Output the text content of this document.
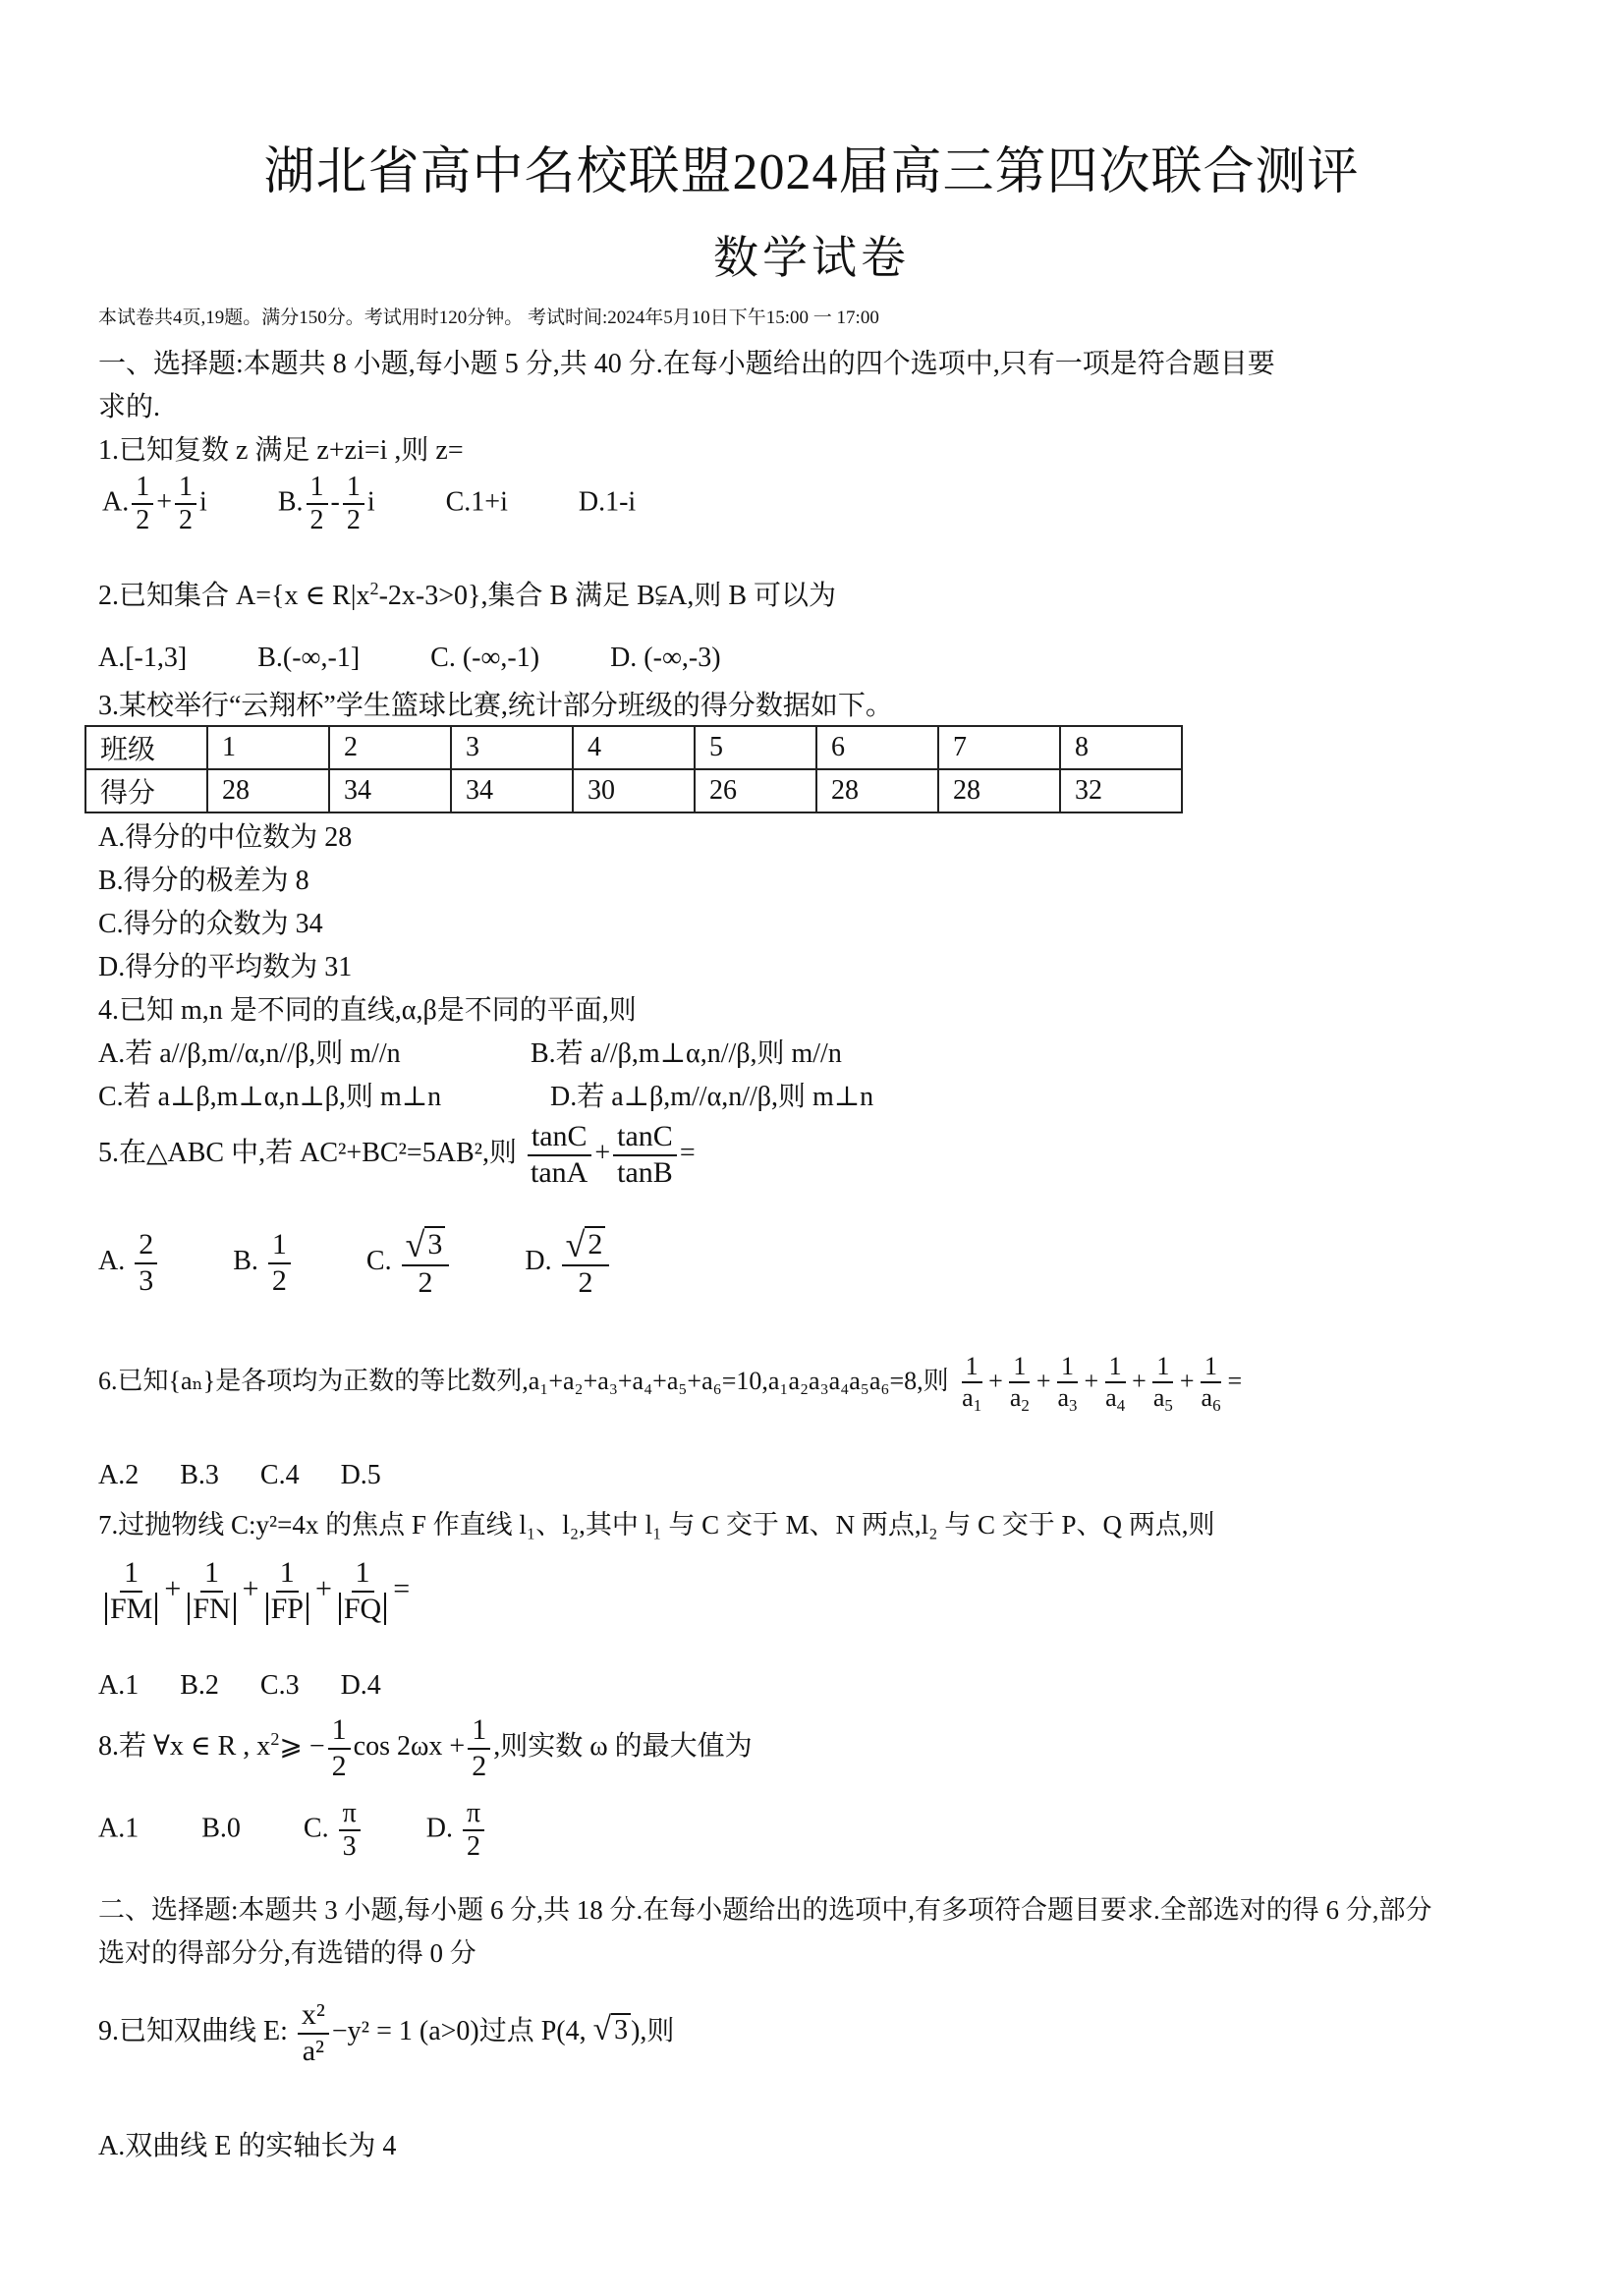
湖北省高中名校联盟2024届高三第四次联合测评
数学试卷
本试卷共4页,19题。满分150分。考试用时120分钟。 考试时间:2024年5月10日下午15:00 一 17:00
一、选择题:本题共 8 小题,每小题 5 分,共 40 分.在每小题给出的四个选项中,只有一项是符合题目要
求的.
1.已知复数 z 满足 z+zi=i ,则 z=
A. $\frac{1}{2} + \frac{1}{2}$ i	B. $\frac{1}{2} - \frac{1}{2}$ i	C.1+i	D.1-i
2.已知集合 A={x ∈ $R|x^2-2x-3>0$},集合 B 满足 B⫋A,则 B 可以为
A.[-1,3]	B.(-∞,-1]	C. (-∞,-1)	D. (-∞,-3)
3.某校举行“云翔杯”学生篮球比赛,统计部分班级的得分数据如下。
班级	1	2	3	4	5	6	7	8
得分	28	34	34	30	26	28	28	32
A.得分的中位数为 28
B.得分的极差为 8
C.得分的众数为 34
D.得分的平均数为 31
4.已知 m,n 是不同的直线,α,β是不同的平面,则
A.若 a//β,m//α,n//β,则 m//n	B.若 a//β,m⊥α,n//β,则 m//n
C.若 a⊥β,m⊥α,n⊥β,则 m⊥n	D.若 a⊥β,m//α,n//β,则 m⊥n
5.在△ABC 中,若 AC²+BC²=5AB²,则 $\frac{\tan C}{\tan A} + \frac{\tan C}{\tan B}$ =
A. $\frac{2}{3}$	B. $\frac{1}{2}$	C. $\frac{√ 3}{2}$	D. $\frac{√ 2}{2}$
6.已知{aₙ}是各项均为正数的等比数列,a₁+a₂+a₃+a₄+a₅+a₆=10,a₁a₂a₃a₄a₅a₆=8,则 $\frac{1}{a_1} + \frac{1}{a_2} + \frac{1}{a_3} + \frac{1}{a_4} + \frac{1}{a_5} + \frac{1}{a_6}$ =
A.2      B.3      C.4      D.5
7.过抛物线 C:y²=4x 的焦点 F 作直线 l₁、l₂,其中 l₁ 与 C 交于 M、N 两点,l₂ 与 C 交于 P、Q 两点,则
$\frac{1}{FM} + \frac{1}{FN} + \frac{1}{FP} + \frac{1}{FQ}$ =
A.1      B.2      C.3      D.4
8.若 ∀x ∈ R , $x^2⩾ - \frac{1}{2}$ $\cos 2\omega x + \frac{1}{2}$ ,则实数 ω 的最大值为
A.1 B.0 C. $\frac{\pi}{3} D$. $\frac{\pi}{2}$
二、选择题:本题共 3 小题,每小题 6 分,共 18 分.在每小题给出的选项中,有多项符合题目要求.全部选对的得 6 分,部分
选对的得部分分,有选错的得 0 分
9.已知双曲线 E: $\frac{\text{x²}}{\text{a²}} -y^2 = 1$ (a>0)过点 P(4, √ 3 ),则
A.双曲线 E 的实轴长为 4
